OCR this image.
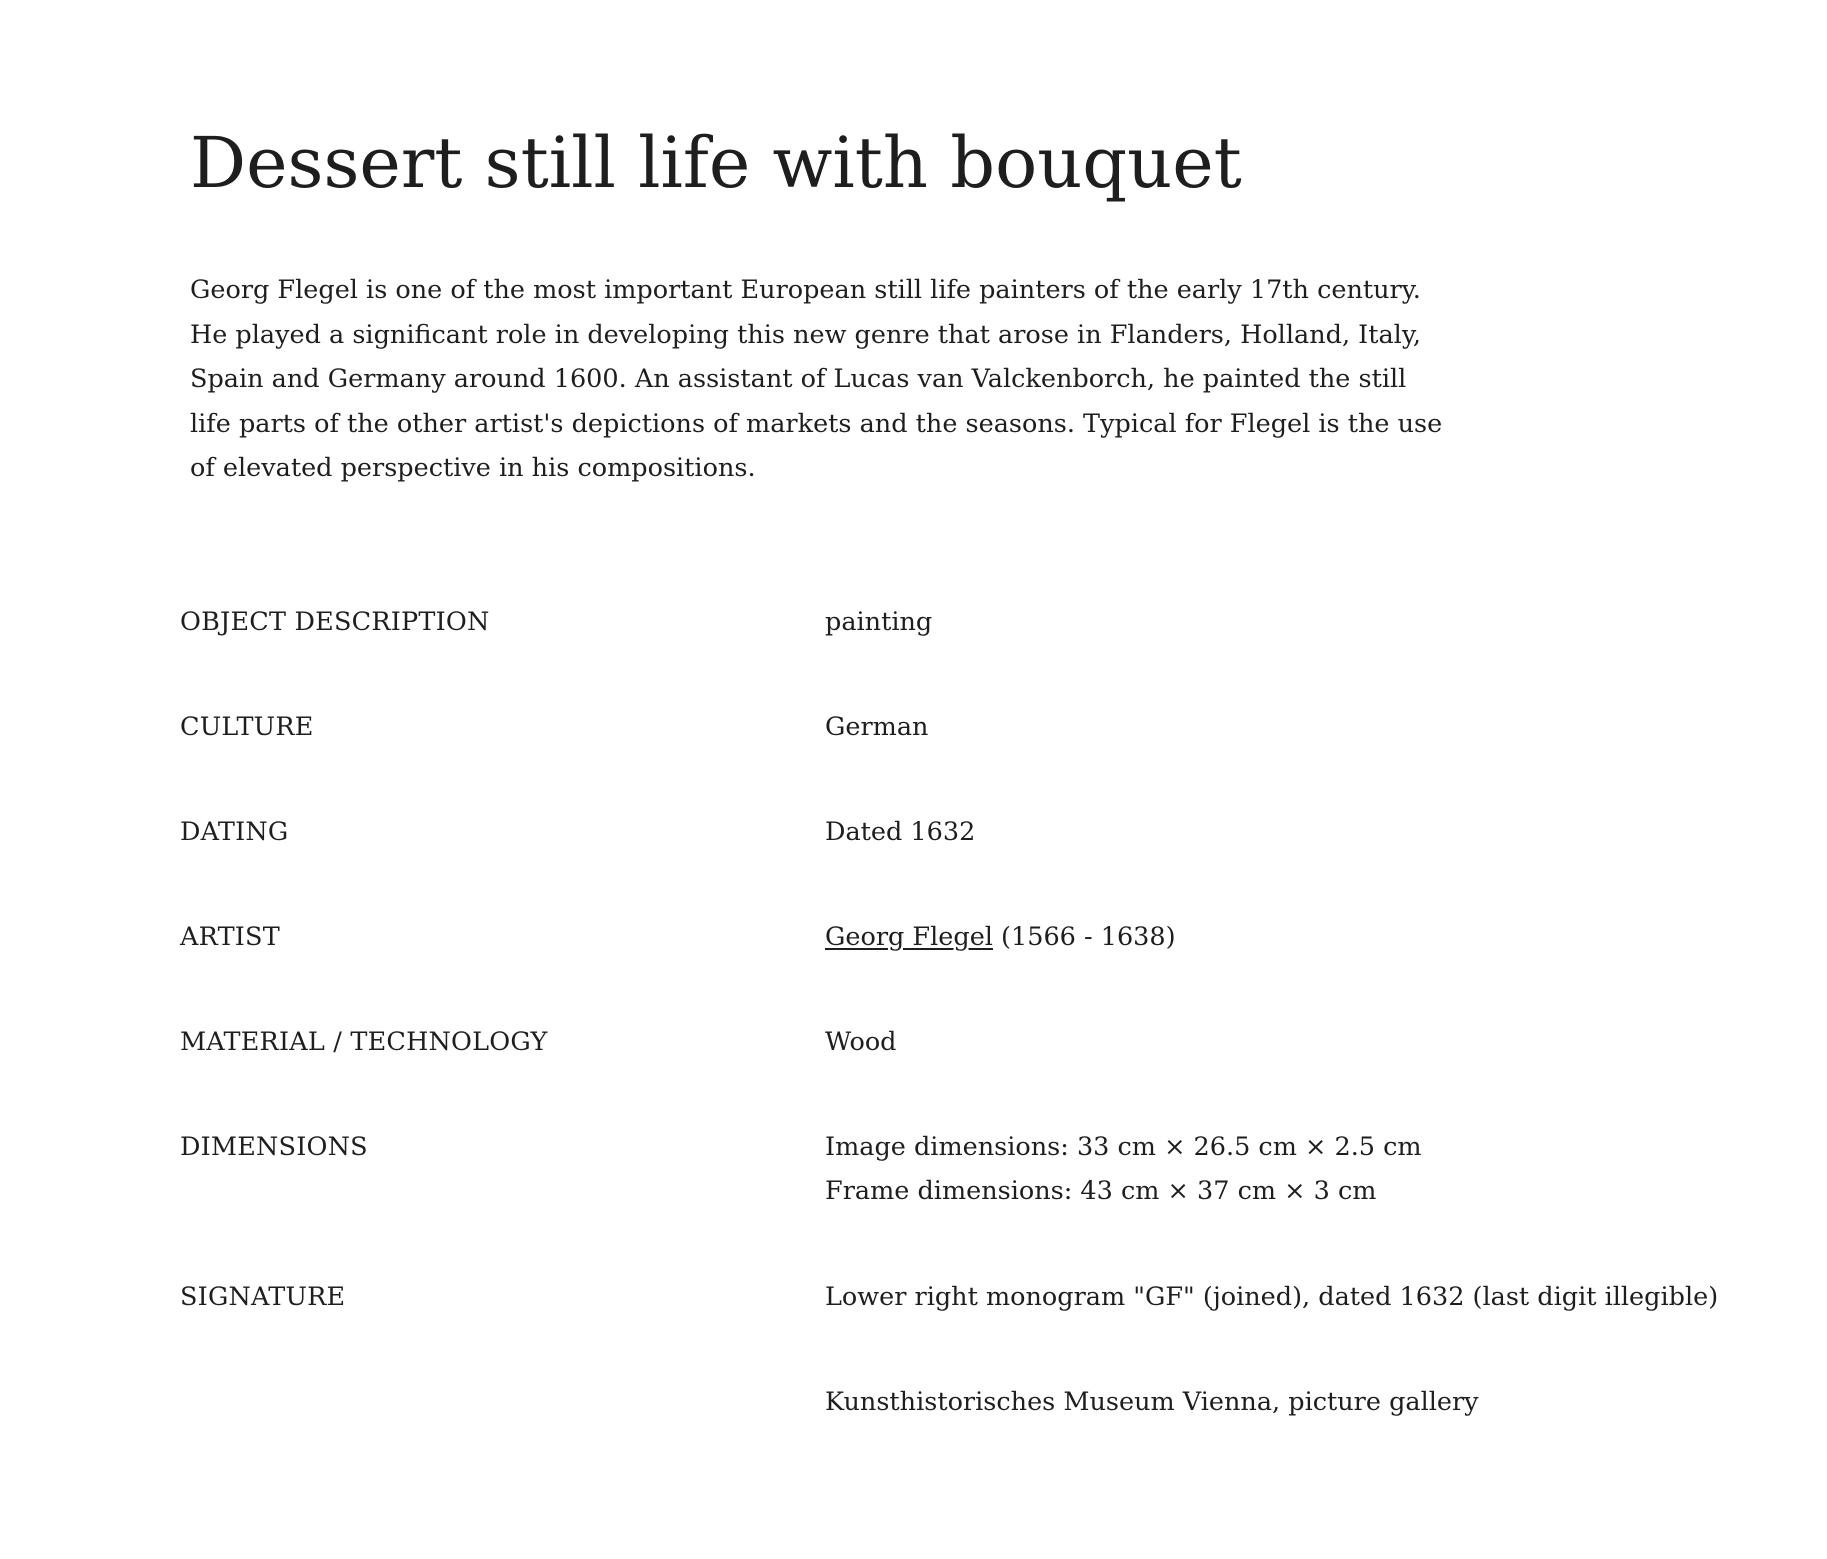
Dessert still life with bouquet

Georg Flegel is one of the most important European still life painters of the early 17th century. He played a significant role in developing this new genre that arose in Flanders, Holland, Italy, Spain and Germany around 1600. An assistant of Lucas van Valckenborch, he painted the still life parts of the other artist's depictions of markets and the seasons. Typical for Flegel is the use of elevated perspective in his compositions.

OBJECT DESCRIPTION	painting
CULTURE	German
DATING	Dated 1632
ARTIST	Georg Flegel (1566 - 1638)
MATERIAL / TECHNOLOGY	Wood
DIMENSIONS	Image dimensions: 33 cm × 26.5 cm × 2.5 cm
Frame dimensions: 43 cm × 37 cm × 3 cm
SIGNATURE	Lower right monogram "GF" (joined), dated 1632 (last digit illegible)
Kunsthistorisches Museum Vienna, picture gallery
